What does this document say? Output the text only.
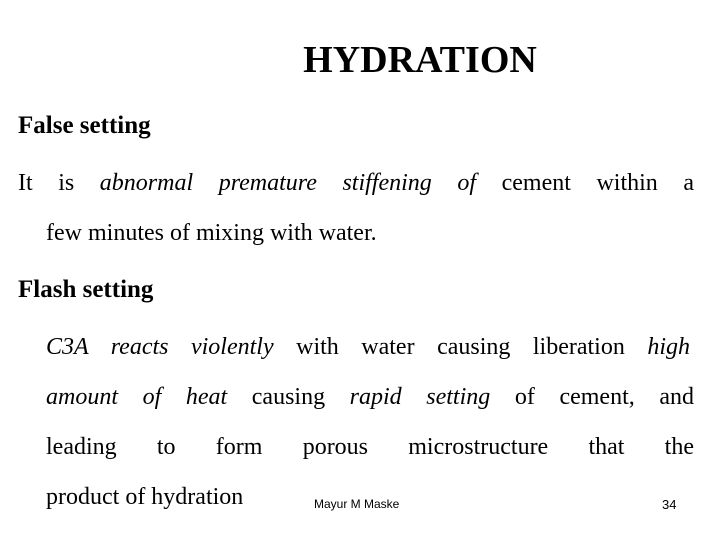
HYDRATION
False setting
It is abnormal premature stiffening of cement within a
few minutes of mixing with water.
Flash setting
C3A reacts violently with water causing liberation high
amount of heat causing rapid setting of cement, and
leading to form porous microstructure that the
product of hydration	Mayur M Maske	34
